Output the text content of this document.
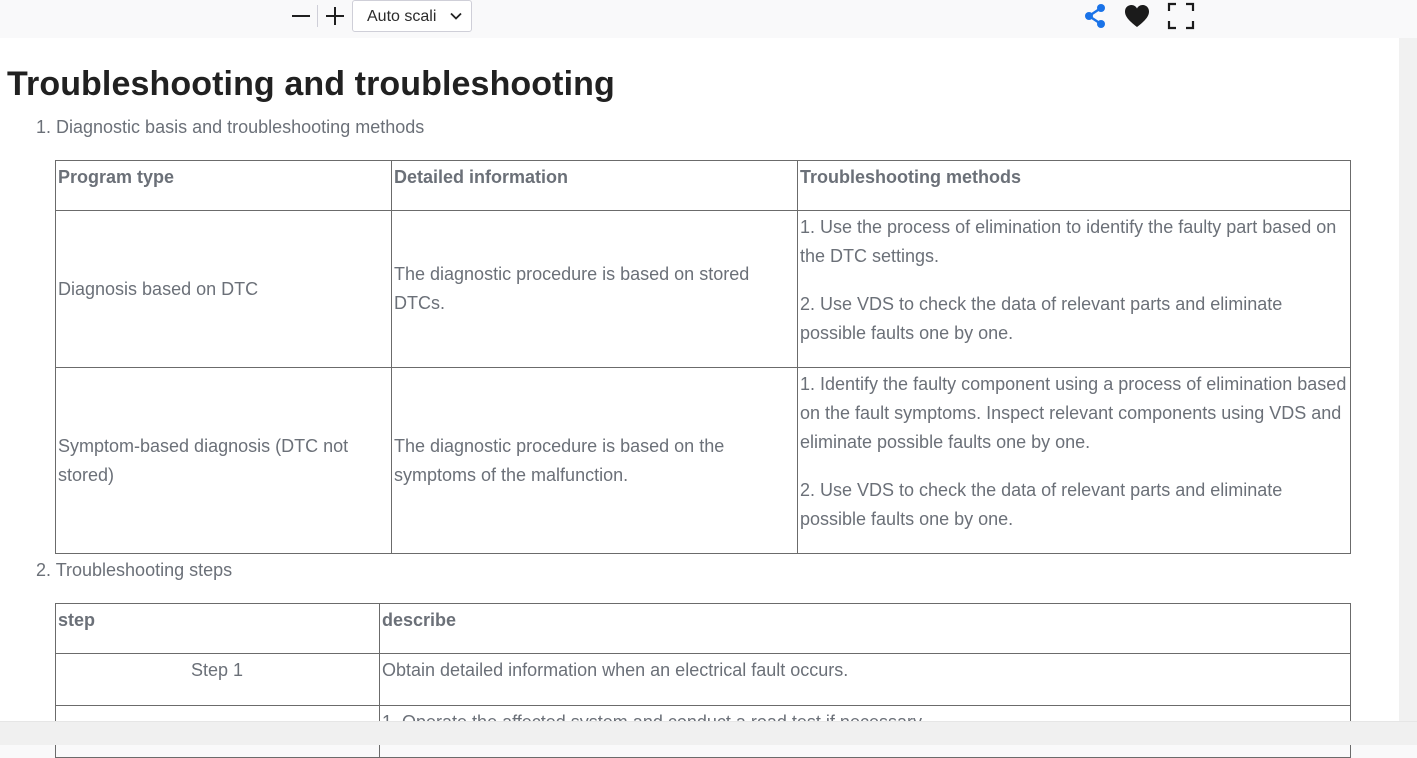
Auto scali
Troubleshooting and troubleshooting
1. Diagnostic basis and troubleshooting methods
Program type	Detailed information	Troubleshooting methods
Diagnosis based on DTC	The diagnostic procedure is based on stored DTCs.	1. Use the process of elimination to identify the faulty part based on the DTC settings.

2. Use VDS to check the data of relevant parts and eliminate possible faults one by one.

Symptom-based diagnosis (DTC not stored)	The diagnostic procedure is based on the symptoms of the malfunction.	1. Identify the faulty component using a process of elimination based on the fault symptoms. Inspect relevant components using VDS and eliminate possible faults one by one.

2. Use VDS to check the data of relevant parts and eliminate possible faults one by one.

2. Troubleshooting steps
step	describe
Step 1	Obtain detailed information when an electrical fault occurs.
